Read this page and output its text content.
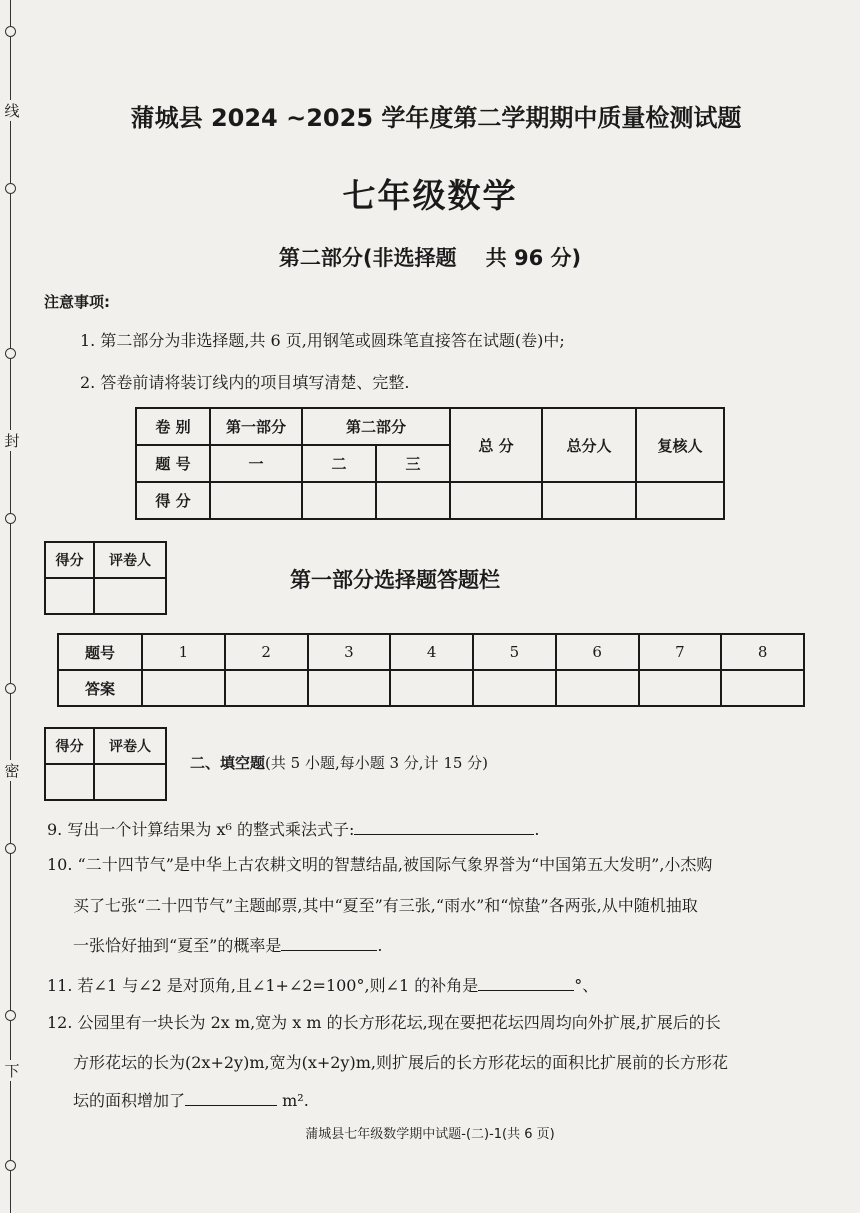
线
封
密
下
蒲城县 2024 ~2025 学年度第二学期期中质量检测试题
七年级数学
第二部分(非选择题    共 96 分)
注意事项:
1. 第二部分为非选择题,共 6 页,用钢笔或圆珠笔直接答在试题(卷)中;
2. 答卷前请将装订线内的项目填写清楚、完整.
卷 别	第一部分	第二部分		总 分	总分人	复核人
题 号	一	二	三			
得 分						
得分	评卷人

第一部分选择题答题栏
题号	1	2	3	4	5	6	7	8
答案								
得分	评卷人

二、填空题(共 5 小题,每小题 3 分,计 15 分)
9. 写出一个计算结果为 x⁶ 的整式乘法式子:	.
10. “二十四节气”是中华上古农耕文明的智慧结晶,被国际气象界誉为“中国第五大发明”,小杰购
买了七张“二十四节气”主题邮票,其中“夏至”有三张,“雨水”和“惊蛰”各两张,从中随机抽取
一张恰好抽到“夏至”的概率是	.
11. 若∠1 与∠2 是对顶角,且∠1+∠2=100°,则∠1 的补角是	°、
12. 公园里有一块长为 2x m,宽为 x m 的长方形花坛,现在要把花坛四周均向外扩展,扩展后的长
方形花坛的长为(2x+2y)m,宽为(x+2y)m,则扩展后的长方形花坛的面积比扩展前的长方形花
坛的面积增加了	m².
蒲城县七年级数学期中试题-(二)-1(共 6 页)
